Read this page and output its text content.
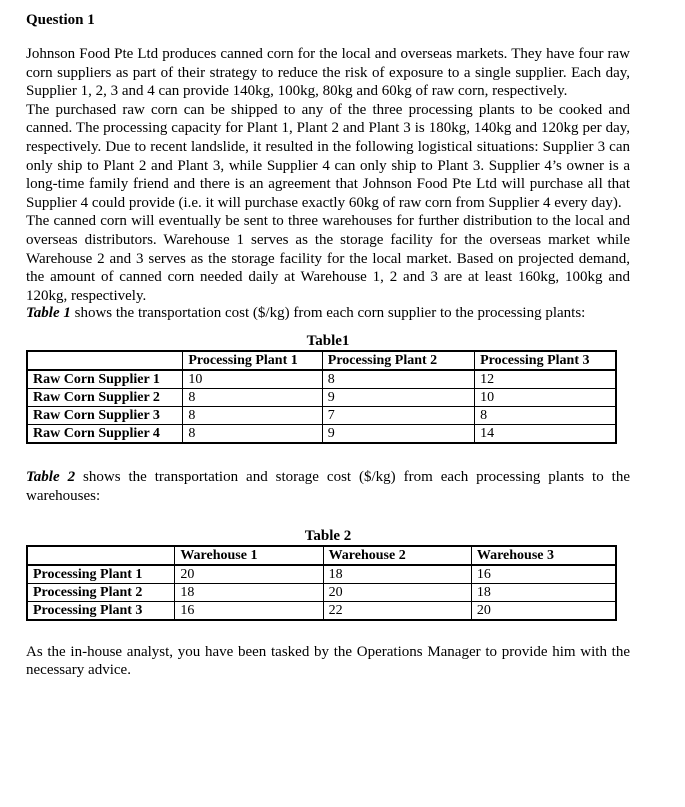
Question 1

Johnson Food Pte Ltd produces canned corn for the local and overseas markets. They have four raw corn suppliers as part of their strategy to reduce the risk of exposure to a single supplier. Each day, Supplier 1, 2, 3 and 4 can provide 140kg, 100kg, 80kg and 60kg of raw corn, respectively.

The purchased raw corn can be shipped to any of the three processing plants to be cooked and canned. The processing capacity for Plant 1, Plant 2 and Plant 3 is 180kg, 140kg and 120kg per day, respectively. Due to recent landslide, it resulted in the following logistical situations: Supplier 3 can only ship to Plant 2 and Plant 3, while Supplier 4 can only ship to Plant 3. Supplier 4’s owner is a long-time family friend and there is an agreement that Johnson Food Pte Ltd will purchase all that Supplier 4 could provide (i.e. it will purchase exactly 60kg of raw corn from Supplier 4 every day).

The canned corn will eventually be sent to three warehouses for further distribution to the local and overseas distributors. Warehouse 1 serves as the storage facility for the overseas market while Warehouse 2 and 3 serves as the storage facility for the local market. Based on projected demand, the amount of canned corn needed daily at Warehouse 1, 2 and 3 are at least 160kg, 100kg and 120kg, respectively.

Table 1 shows the transportation cost ($/kg) from each corn supplier to the processing plants:
Table1
	Processing Plant 1	Processing Plant 2	Processing Plant 3
Raw Corn Supplier 1	10	8	12
Raw Corn Supplier 2	8	9	10
Raw Corn Supplier 3	8	7	8
Raw Corn Supplier 4	8	9	14
Table 2 shows the transportation and storage cost ($/kg) from each processing plants to the warehouses:
Table 2
	Warehouse 1	Warehouse 2	Warehouse 3
Processing Plant 1	20	18	16
Processing Plant 2	18	20	18
Processing Plant 3	16	22	20

As the in-house analyst, you have been tasked by the Operations Manager to provide him with the necessary advice.
